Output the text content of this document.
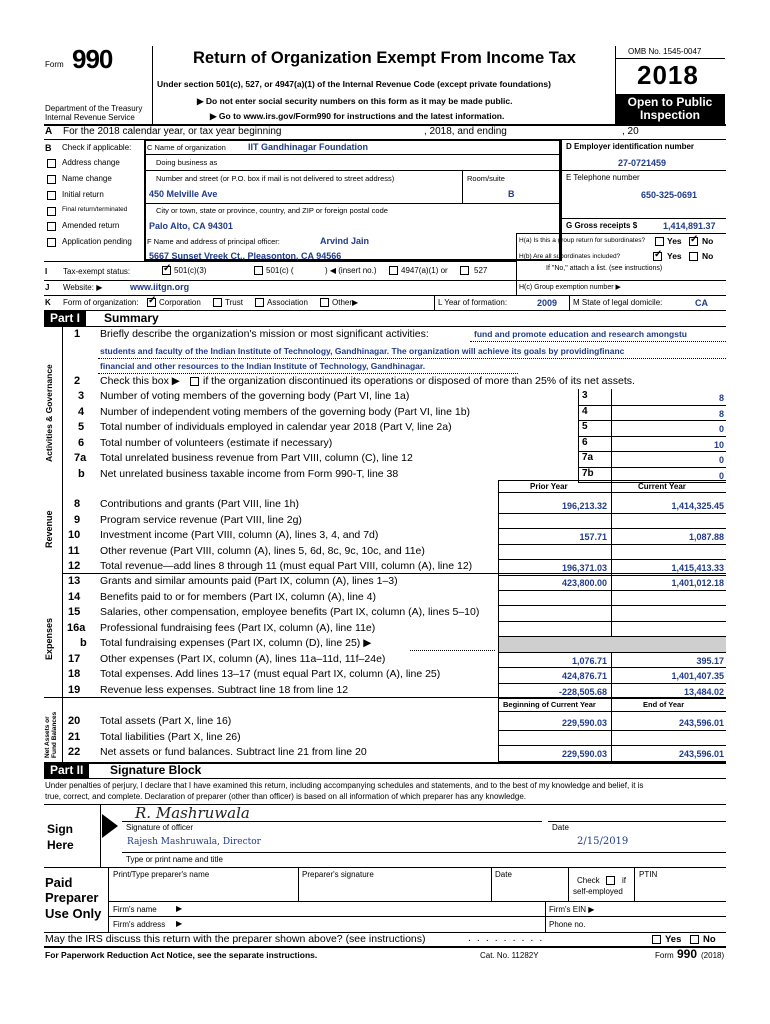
Form 990
Department of the Treasury
Internal Revenue Service
Return of Organization Exempt From Income Tax
Under section 501(c), 527, or 4947(a)(1) of the Internal Revenue Code (except private foundations)
▶ Do not enter social security numbers on this form as it may be made public.
▶ Go to www.irs.gov/Form990 for instructions and the latest information.
OMB No. 1545-0047
2018
Open to Public
Inspection
A For the 2018 calendar year, or tax year beginning	, 2018, and ending	, 20
B Check if applicable:
Address change
Name change
Initial return
Final return/terminated
Amended return
Application pending
C Name of organization IIT Gandhinagar Foundation
Doing business as
Number and street (or P.O. box if mail is not delivered to street address)	Room/suite
450 Melville Ave	B
City or town, state or province, country, and ZIP or foreign postal code
Palo Alto, CA 94301
F Name and address of principal officer:	Arvind Jain
5667 Sunset Vreek Ct., Pleasonton, CA 94566
D Employer identification number
27-0721459
E Telephone number
650-325-0691
G Gross receipts $	1,414,891.37
H(a) Is this a group return for subordinates?	Yes ✓ No
H(b) Are all subordinates included? ✓	Yes No
If "No," attach a list. (see instructions)
H(c) Group exemption number ▶
I Tax-exempt status: ✓	501(c)(3)	501(c) (	) ◀ (insert no.)	4947(a)(1) or	527
J Website: ▶	www.iitgn.org
K Form of organization: ✓	Corporation	Trust	Association	Other▶	L Year of formation:	2009 M State of legal domicile:	CA
Part I	Summary
Activities & Governance
Revenue
Expenses
Net Assets or Fund Balances
1 Briefly describe the organization's mission or most significant activities:	fund and promote education and research amongstu
students and faculty of the Indian Institute of Technology, Gandhinagar. The organization will achieve its goals by providingfinanc
financial and other resources to the Indian Institute of Technology, Gandhinagar.
2 Check this box ▶ if the organization discontinued its operations or disposed of more than 25% of its net assets.
3 Number of voting members of the governing body (Part VI, line 1a)	3	8
4 Number of independent voting members of the governing body (Part VI, line 1b)	4	8
5 Total number of individuals employed in calendar year 2018 (Part V, line 2a)	5	0
6 Total number of volunteers (estimate if necessary)	6	10
7a Total unrelated business revenue from Part VIII, column (C), line 12	7a	0
b Net unrelated business taxable income from Form 990-T, line 38	7b	0
Prior Year	Current Year
8 Contributions and grants (Part VIII, line 1h)	196,213.32	1,414,325.45
9 Program service revenue (Part VIII, line 2g)
10 Investment income (Part VIII, column (A), lines 3, 4, and 7d)	157.71	1,087.88
11 Other revenue (Part VIII, column (A), lines 5, 6d, 8c, 9c, 10c, and 11e)
12 Total revenue—add lines 8 through 11 (must equal Part VIII, column (A), line 12)	196,371.03	1,415,413.33
13 Grants and similar amounts paid (Part IX, column (A), lines 1–3)	423,800.00	1,401,012.18
14 Benefits paid to or for members (Part IX, column (A), line 4)
15 Salaries, other compensation, employee benefits (Part IX, column (A), lines 5–10)
16a Professional fundraising fees (Part IX, column (A), line 11e)
b Total fundraising expenses (Part IX, column (D), line 25) ▶
17 Other expenses (Part IX, column (A), lines 11a–11d, 11f–24e)	1,076.71	395.17
18 Total expenses. Add lines 13–17 (must equal Part IX, column (A), line 25)	424,876.71	1,401,407.35
19 Revenue less expenses. Subtract line 18 from line 12	-228,505.68	13,484.02
Beginning of Current Year	End of Year
20 Total assets (Part X, line 16)	229,590.03	243,596.01
21 Total liabilities (Part X, line 26)
22 Net assets or fund balances. Subtract line 21 from line 20	229,590.03	243,596.01
Part II	Signature Block
Under penalties of perjury, I declare that I have examined this return, including accompanying schedules and statements, and to the best of my knowledge and belief, it is
true, correct, and complete. Declaration of preparer (other than officer) is based on all information of which preparer has any knowledge.
Sign
Here
R. Mashruwala
Signature of officer	Date
Rajesh Mashruwala, Director	2/15/2019
Type or print name and title
Paid
Preparer
Use Only
Print/Type preparer's name	Preparer's signature	Date
Check	if
self-employed
PTIN
Firm's name ▶	Firm's EIN ▶
Firm's address ▶	Phone no.
May the IRS discuss this return with the preparer shown above? (see instructions)	.........	Yes No
For Paperwork Reduction Act Notice, see the separate instructions.	Cat. No. 11282Y	Form 990 (2018)
